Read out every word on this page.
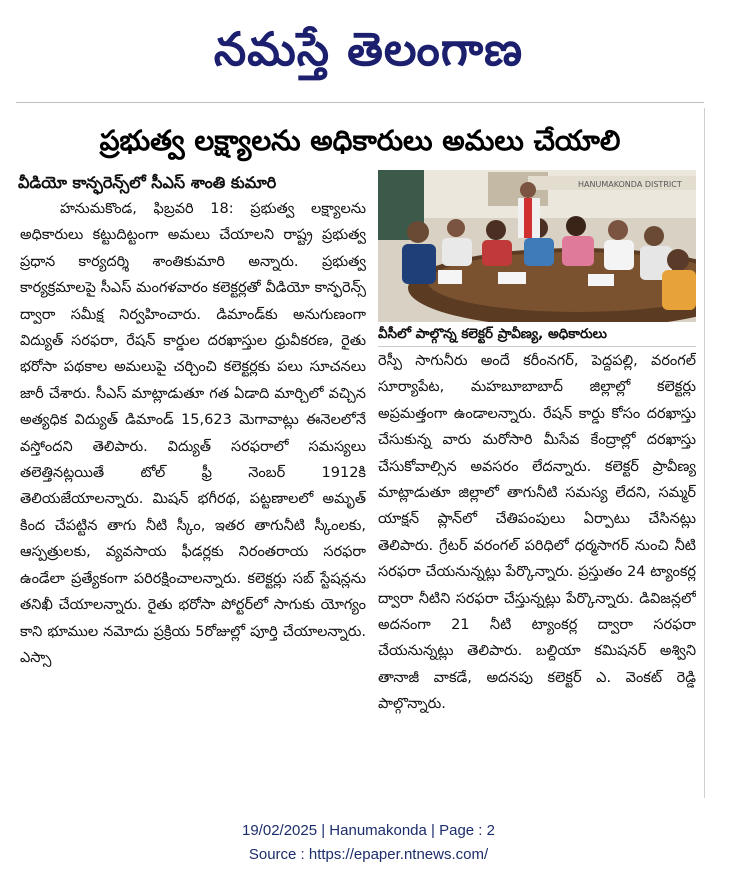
నమస్తే తెలంగాణ
ప్రభుత్వ లక్ష్యాలను అధికారులు అమలు చేయాలి
వీడియో కాన్ఫరెన్స్‌లో సీఎస్ శాంతి కుమారి

హనుమకొండ, ఫిబ్రవరి 18: ప్రభుత్వ లక్ష్యాలను అధికారులు కట్టుదిట్టంగా అమలు చేయాలని రాష్ట్ర ప్రభుత్వ ప్రధాన కార్యదర్శి శాంతికుమారి అన్నారు. ప్రభుత్వ కార్యక్రమాలపై సీఎస్ మంగళవారం కలెక్టర్లతో వీడియో కాన్ఫరెన్స్ ద్వారా సమీక్ష నిర్వహించారు. డిమాండ్‌కు అనుగుణంగా విద్యుత్ సరఫరా, రేషన్ కార్డుల దరఖాస్తుల ధ్రువీకరణ, రైతు భరోసా పథకాల అమలుపై చర్చించి కలెక్టర్లకు పలు సూచనలు జారీ చేశారు. సీఎస్ మాట్లాడుతూ గత ఏడాది మార్చిలో వచ్చిన అత్యధిక విద్యుత్ డిమాండ్ 15,623 మెగావాట్లు ఈనెలలోనే వస్తోందని తెలిపారు. విద్యుత్ సరఫరాలో సమస్యలు తలెత్తినట్లయితే టోల్ ఫ్రీ నెంబర్ 1912కి తెలియజేయాలన్నారు. మిషన్ భగీరథ, పట్టణాలలో అమృత్ కింద చేపట్టిన తాగు నీటి స్కీం, ఇతర తాగునీటి స్కీంలకు, ఆస్పత్రులకు, వ్యవసాయ ఫీడర్లకు నిరంతరాయ సరఫరా ఉండేలా ప్రత్యేకంగా పరిరక్షించాలన్నారు. కలెక్టర్లు సబ్ స్టేషన్లను తనిఖీ చేయాలన్నారు. రైతు భరోసా పోర్టర్‌లో సాగుకు యోగ్యం కాని భూముల నమోదు ప్రక్రియ 5రోజుల్లో పూర్తి చేయాలన్నారు. ఎస్సా

HANUMAKONDA DISTRICT
వీసీలో పాల్గొన్న కలెక్టర్ ప్రావీణ్య, అధికారులు

రెస్పీ సాగునీరు అందే కరీంనగర్, పెద్దపల్లి, వరంగల్ సూర్యాపేట, మహబూబాబాద్ జిల్లాల్లో కలెక్టర్లు అప్రమత్తంగా ఉండాలన్నారు. రేషన్ కార్డు కోసం దరఖాస్తు చేసుకున్న వారు మరోసారి మీసేవ కేంద్రాల్లో దరఖాస్తు చేసుకోవాల్సిన అవసరం లేదన్నారు. కలెక్టర్ ప్రావీణ్య మాట్లాడుతూ జిల్లాలో తాగునీటి సమస్య లేదని, సమ్మర్ యాక్షన్ ప్లాన్‌లో చేతిపంపులు ఏర్పాటు చేసినట్లు తెలిపారు. గ్రేటర్ వరంగల్ పరిధిలో ధర్మసాగర్ నుంచి నీటి సరఫరా చేయనున్నట్లు పేర్కొన్నారు. ప్రస్తుతం 24 ట్యాంకర్ల ద్వారా నీటిని సరఫరా చేస్తున్నట్లు పేర్కొన్నారు. డివిజన్లలో అదనంగా 21 నీటి ట్యాంకర్ల ద్వారా సరఫరా చేయనున్నట్లు తెలిపారు. బల్దియా కమిషనర్ అశ్విని తానాజీ వాకడే, అదనపు కలెక్టర్ ఎ. వెంకట్ రెడ్డి పాల్గొన్నారు.

19/02/2025 | Hanumakonda | Page : 2
Source : https://epaper.ntnews.com/
